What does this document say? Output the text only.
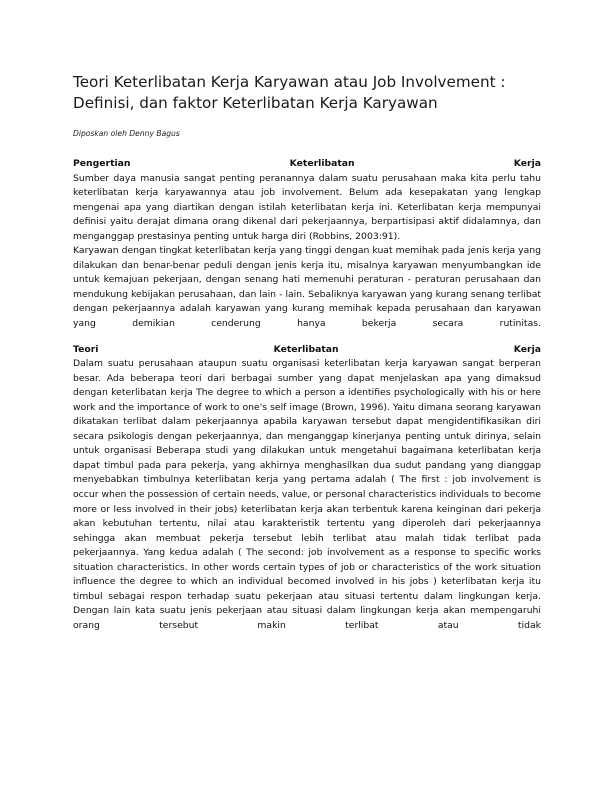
Teori Keterlibatan Kerja Karyawan atau Job Involvement : Definisi, dan faktor Keterlibatan Kerja Karyawan
Diposkan oleh Denny Bagus
Pengertian	Keterlibatan	Kerja

Sumber daya manusia sangat penting peranannya dalam suatu perusahaan maka kita perlu tahu keterlibatan kerja karyawannya atau job involvement. Belum ada kesepakatan yang lengkap mengenai apa yang diartikan dengan istilah keterlibatan kerja ini. Keterlibatan kerja mempunyai definisi yaitu derajat dimana orang dikenal dari pekerjaannya, berpartisipasi aktif didalamnya, dan menganggap prestasinya penting untuk harga diri (Robbins, 2003:91).

Karyawan dengan tingkat keterlibatan kerja yang tinggi dengan kuat memihak pada jenis kerja yang dilakukan dan benar-benar peduli dengan jenis kerja itu, misalnya karyawan menyumbangkan ide untuk kemajuan pekerjaan, dengan senang hati memenuhi peraturan - peraturan perusahaan dan mendukung kebijakan perusahaan, dan lain - lain. Sebaliknya karyawan yang kurang senang terlibat dengan pekerjaannya adalah karyawan yang kurang memihak kepada perusahaan dan karyawan yang demikian cenderung hanya bekerja secara rutinitas.

Teori	Keterlibatan	Kerja

Dalam suatu perusahaan ataupun suatu organisasi keterlibatan kerja karyawan sangat berperan besar. Ada beberapa teori dari berbagai sumber yang dapat menjelaskan apa yang dimaksud dengan keterlibatan kerja The degree to which a person a identifies psychologically with his or here work and the importance of work to one's self image (Brown, 1996). Yaitu dimana seorang karyawan dikatakan terlibat dalam pekerjaannya apabila karyawan tersebut dapat mengidentifikasikan diri secara psikologis dengan pekerjaannya, dan menganggap kinerjanya penting untuk dirinya, selain untuk organisasi Beberapa studi yang dilakukan untuk mengetahui bagaimana keterlibatan kerja dapat timbul pada para pekerja, yang akhirnya menghasilkan dua sudut pandang yang dianggap menyebabkan timbulnya keterlibatan kerja yang pertama adalah ( The first : job involvement is occur when the possession of certain needs, value, or personal characteristics individuals to become more or less involved in their jobs) keterlibatan kerja akan terbentuk karena keinginan dari pekerja akan kebutuhan tertentu, nilai atau karakteristik tertentu yang diperoleh dari pekerjaannya sehingga akan membuat pekerja tersebut lebih terlibat atau malah tidak terlibat pada pekerjaannya. Yang kedua adalah ( The second: job involvement as a response to specific works situation characteristics. In other words certain types of job or characteristics of the work situation influence the degree to which an individual becomed involved in his jobs ) keterlibatan kerja itu timbul sebagai respon terhadap suatu pekerjaan atau situasi tertentu dalam lingkungan kerja. Dengan lain kata suatu jenis pekerjaan atau situasi dalam lingkungan kerja akan mempengaruhi orang tersebut makin terlibat atau tidak
